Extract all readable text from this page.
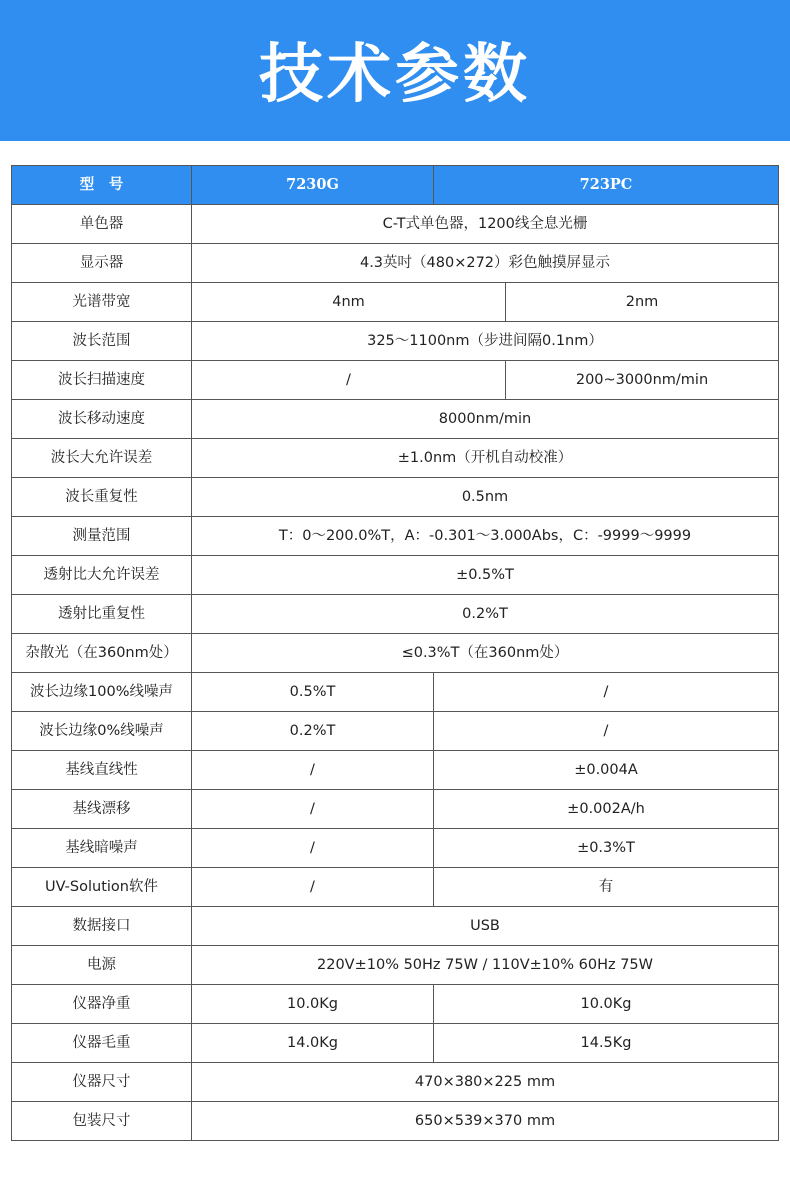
技术参数
型　号	7230G	723PC	
单色器	C-T式单色器，1200线全息光栅		
显示器	4.3英吋（480×272）彩色触摸屏显示		
光谱带宽	4nm		2nm
波长范围	325～1100nm（步进间隔0.1nm）		
波长扫描速度	/		200~3000nm/min
波长移动速度	8000nm/min		
波长大允许误差	±1.0nm（开机自动校准）		
波长重复性	0.5nm		
测量范围	T：0～200.0%T，A：-0.301～3.000Abs，C：-9999～9999		
透射比大允许误差	±0.5%T		
透射比重复性	0.2%T		
杂散光（在360nm处）	≤0.3%T（在360nm处）		
波长边缘100%线噪声	0.5%T	/	
波长边缘0%线噪声	0.2%T	/	
基线直线性	/	±0.004A	
基线漂移	/	±0.002A/h	
基线暗噪声	/	±0.3%T	
UV-Solution软件	/	有	
数据接口	USB		
电源	220V±10% 50Hz 75W / 110V±10% 60Hz 75W		
仪器净重	10.0Kg	10.0Kg	
仪器毛重	14.0Kg	14.5Kg	
仪器尺寸	470×380×225 mm		
包装尺寸	650×539×370 mm		
